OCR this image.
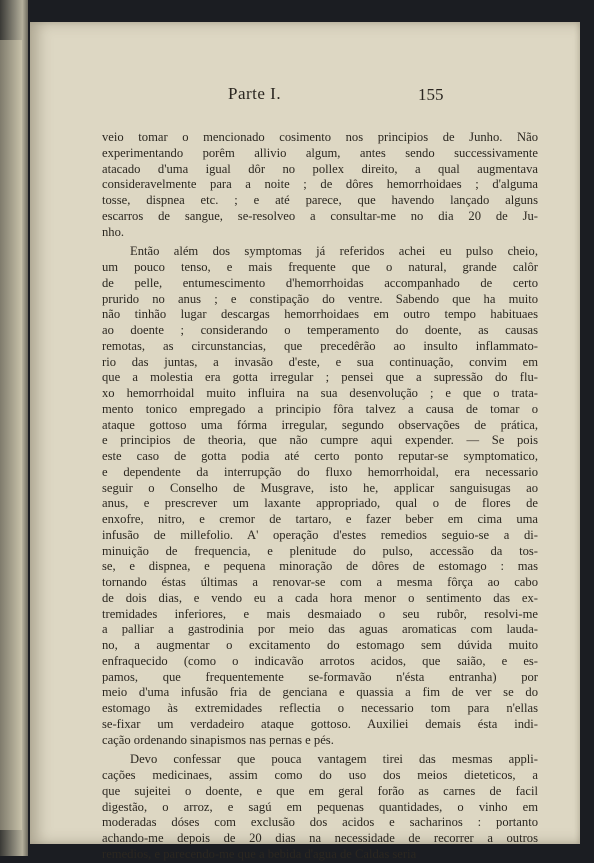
Parte I.	155
veio tomar o mencionado cosimento nos principios de Junho. Não
experimentando porêm allivio algum, antes sendo successivamente
atacado d'uma igual dôr no pollex direito, a qual augmentava
consideravelmente para a noite ; de dôres hemorrhoidaes ; d'alguma
tosse, dispnea etc. ; e até parece, que havendo lançado alguns
escarros de sangue, se-resolveo a consultar-me no dia 20 de Ju-
nho.
Então além dos symptomas já referidos achei eu pulso cheio,
um pouco tenso, e mais frequente que o natural, grande calôr
de pelle, entumescimento d'hemorrhoidas accompanhado de certo
prurido no anus ; e constipação do ventre. Sabendo que ha muito
não tinhão lugar descargas hemorrhoidaes em outro tempo habituaes
ao doente ; considerando o temperamento do doente, as causas
remotas, as circunstancias, que precedêrão ao insulto inflammato-
rio das juntas, a invasão d'este, e sua continuação, convim em
que a molestia era gotta irregular ; pensei que a supressão do flu-
xo hemorrhoidal muito influira na sua desenvolução ; e que o trata-
mento tonico empregado a principio fôra talvez a causa de tomar o
ataque gottoso uma fórma irregular, segundo observações de prática,
e principios de theoria, que não cumpre aqui expender. — Se pois
este caso de gotta podia até certo ponto reputar-se symptomatico,
e dependente da interrupção do fluxo hemorrhoidal, era necessario
seguir o Conselho de Musgrave, isto he, applicar sanguisugas ao
anus, e prescrever um laxante appropriado, qual o de flores de
enxofre, nitro, e cremor de tartaro, e fazer beber em cima uma
infusão de millefolio. A' operação d'estes remedios seguio-se a di-
minuição de frequencia, e plenitude do pulso, accessão da tos-
se, e dispnea, e pequena minoração de dôres de estomago : mas
tornando éstas últimas a renovar-se com a mesma fôrça ao cabo
de dois dias, e vendo eu a cada hora menor o sentimento das ex-
tremidades inferiores, e mais desmaiado o seu rubôr, resolvi-me
a palliar a gastrodinia por meio das aguas aromaticas com lauda-
no, a augmentar o excitamento do estomago sem dúvida muito
enfraquecido (como o indicavão arrotos acidos, que saião, e es-
pamos, que frequentemente se-formavão n'ésta entranha) por
meio d'uma infusão fria de genciana e quassia a fim de ver se do
estomago às extremidades reflectia o necessario tom para n'ellas
se-fixar um verdadeiro ataque gottoso. Auxiliei demais ésta indi-
cação ordenando sinapismos nas pernas e pés.
Devo confessar que pouca vantagem tirei das mesmas appli-
cações medicinaes, assim como do uso dos meios dieteticos, a
que sujeitei o doente, e que em geral forão as carnes de facil
digestão, o arroz, e sagú em pequenas quantidades, o vinho em
moderadas dóses com exclusão dos acidos e sacharinos : portanto
achando-me depois de 20 dias na necessidade de recorrer a outros
remedios, e parecendo-me que a bebida d'agua de Caldas seria
